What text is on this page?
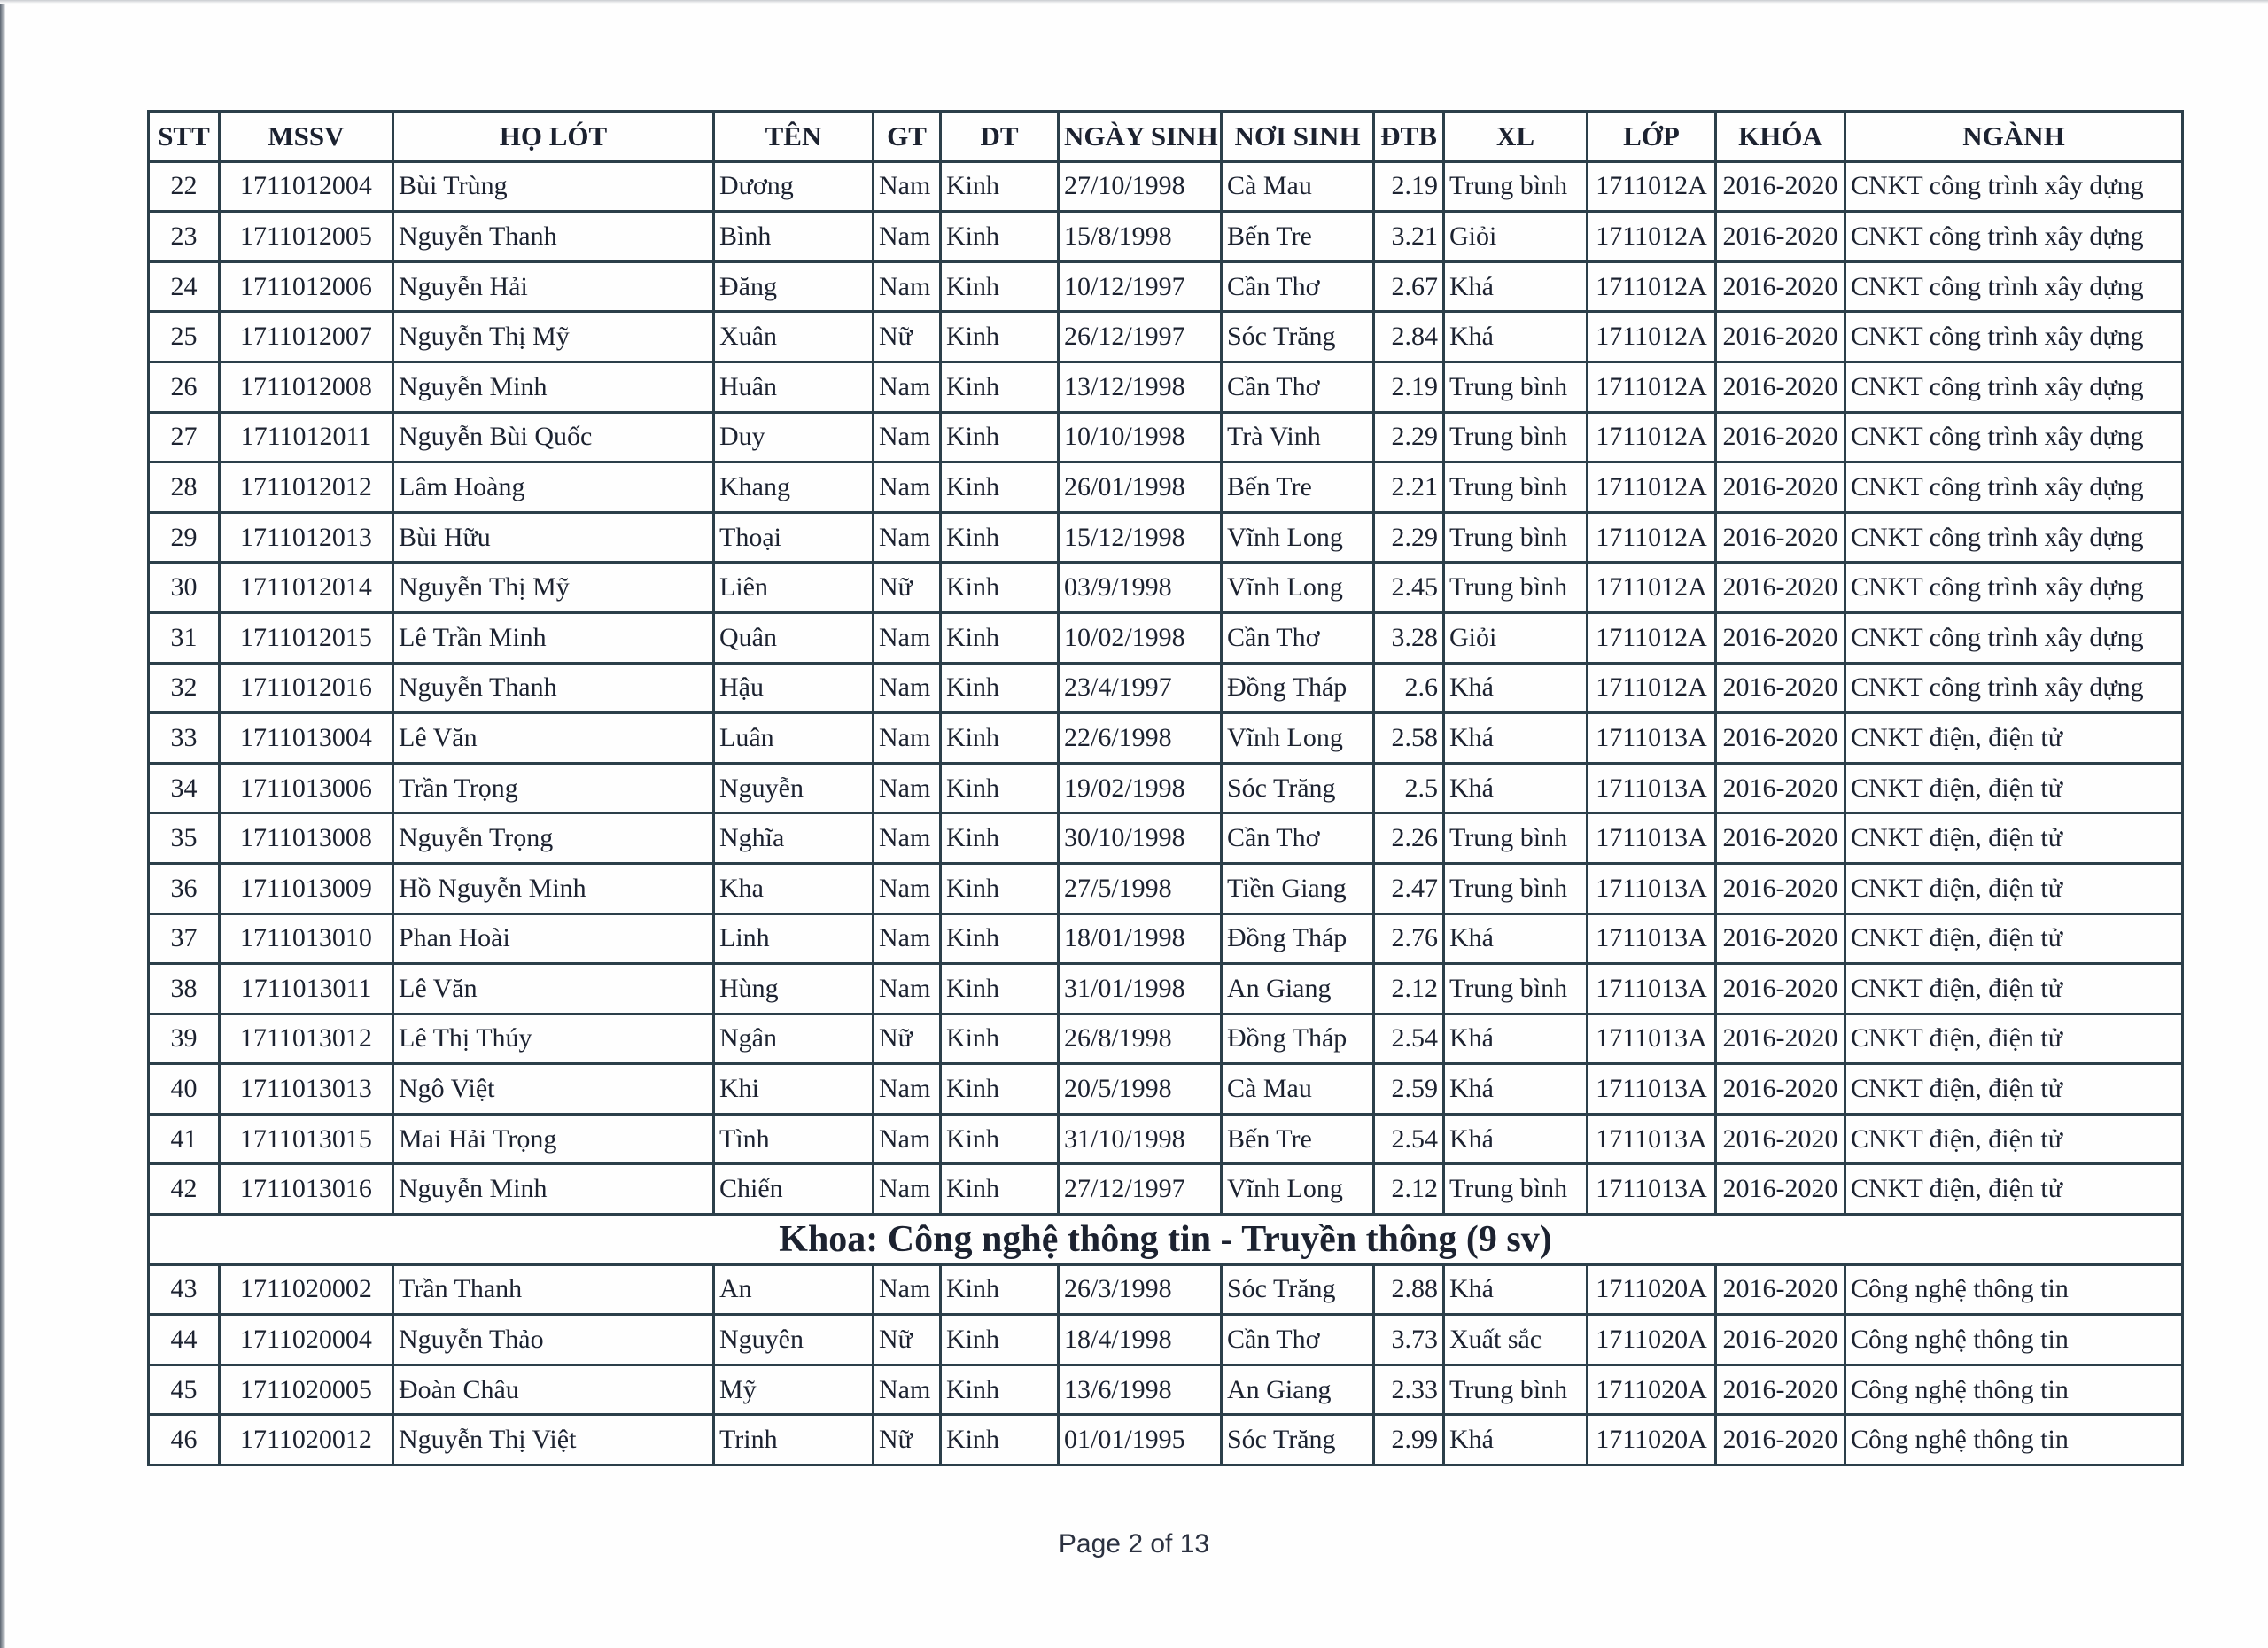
STT	MSSV	HỌ LÓT	TÊN	GT	DT	NGÀY SINH	NƠI SINH	ĐTB	XL	LỚP	KHÓA	NGÀNH
22	1711012004	Bùi Trùng	Dương	Nam	Kinh	27/10/1998	Cà Mau	2.19	Trung bình	1711012A	2016-2020	CNKT công trình xây dựng
23	1711012005	Nguyễn Thanh	Bình	Nam	Kinh	15/8/1998	Bến Tre	3.21	Giỏi	1711012A	2016-2020	CNKT công trình xây dựng
24	1711012006	Nguyễn Hải	Đăng	Nam	Kinh	10/12/1997	Cần Thơ	2.67	Khá	1711012A	2016-2020	CNKT công trình xây dựng
25	1711012007	Nguyễn Thị Mỹ	Xuân	Nữ	Kinh	26/12/1997	Sóc Trăng	2.84	Khá	1711012A	2016-2020	CNKT công trình xây dựng
26	1711012008	Nguyễn Minh	Huân	Nam	Kinh	13/12/1998	Cần Thơ	2.19	Trung bình	1711012A	2016-2020	CNKT công trình xây dựng
27	1711012011	Nguyễn Bùi Quốc	Duy	Nam	Kinh	10/10/1998	Trà Vinh	2.29	Trung bình	1711012A	2016-2020	CNKT công trình xây dựng
28	1711012012	Lâm Hoàng	Khang	Nam	Kinh	26/01/1998	Bến Tre	2.21	Trung bình	1711012A	2016-2020	CNKT công trình xây dựng
29	1711012013	Bùi Hữu	Thoại	Nam	Kinh	15/12/1998	Vĩnh Long	2.29	Trung bình	1711012A	2016-2020	CNKT công trình xây dựng
30	1711012014	Nguyễn Thị Mỹ	Liên	Nữ	Kinh	03/9/1998	Vĩnh Long	2.45	Trung bình	1711012A	2016-2020	CNKT công trình xây dựng
31	1711012015	Lê Trần Minh	Quân	Nam	Kinh	10/02/1998	Cần Thơ	3.28	Giỏi	1711012A	2016-2020	CNKT công trình xây dựng
32	1711012016	Nguyễn Thanh	Hậu	Nam	Kinh	23/4/1997	Đồng Tháp	2.6	Khá	1711012A	2016-2020	CNKT công trình xây dựng
33	1711013004	Lê Văn	Luân	Nam	Kinh	22/6/1998	Vĩnh Long	2.58	Khá	1711013A	2016-2020	CNKT điện, điện tử
34	1711013006	Trần Trọng	Nguyễn	Nam	Kinh	19/02/1998	Sóc Trăng	2.5	Khá	1711013A	2016-2020	CNKT điện, điện tử
35	1711013008	Nguyễn Trọng	Nghĩa	Nam	Kinh	30/10/1998	Cần Thơ	2.26	Trung bình	1711013A	2016-2020	CNKT điện, điện tử
36	1711013009	Hồ Nguyễn Minh	Kha	Nam	Kinh	27/5/1998	Tiền Giang	2.47	Trung bình	1711013A	2016-2020	CNKT điện, điện tử
37	1711013010	Phan Hoài	Linh	Nam	Kinh	18/01/1998	Đồng Tháp	2.76	Khá	1711013A	2016-2020	CNKT điện, điện tử
38	1711013011	Lê Văn	Hùng	Nam	Kinh	31/01/1998	An Giang	2.12	Trung bình	1711013A	2016-2020	CNKT điện, điện tử
39	1711013012	Lê Thị Thúy	Ngân	Nữ	Kinh	26/8/1998	Đồng Tháp	2.54	Khá	1711013A	2016-2020	CNKT điện, điện tử
40	1711013013	Ngô Việt	Khi	Nam	Kinh	20/5/1998	Cà Mau	2.59	Khá	1711013A	2016-2020	CNKT điện, điện tử
41	1711013015	Mai Hải Trọng	Tình	Nam	Kinh	31/10/1998	Bến Tre	2.54	Khá	1711013A	2016-2020	CNKT điện, điện tử
42	1711013016	Nguyễn Minh	Chiến	Nam	Kinh	27/12/1997	Vĩnh Long	2.12	Trung bình	1711013A	2016-2020	CNKT điện, điện tử
Khoa: Công nghệ thông tin - Truyền thông (9 sv)												
43	1711020002	Trần Thanh	An	Nam	Kinh	26/3/1998	Sóc Trăng	2.88	Khá	1711020A	2016-2020	Công nghệ thông tin
44	1711020004	Nguyễn Thảo	Nguyên	Nữ	Kinh	18/4/1998	Cần Thơ	3.73	Xuất sắc	1711020A	2016-2020	Công nghệ thông tin
45	1711020005	Đoàn Châu	Mỹ	Nam	Kinh	13/6/1998	An Giang	2.33	Trung bình	1711020A	2016-2020	Công nghệ thông tin
46	1711020012	Nguyễn Thị Việt	Trinh	Nữ	Kinh	01/01/1995	Sóc Trăng	2.99	Khá	1711020A	2016-2020	Công nghệ thông tin
Page 2 of 13
